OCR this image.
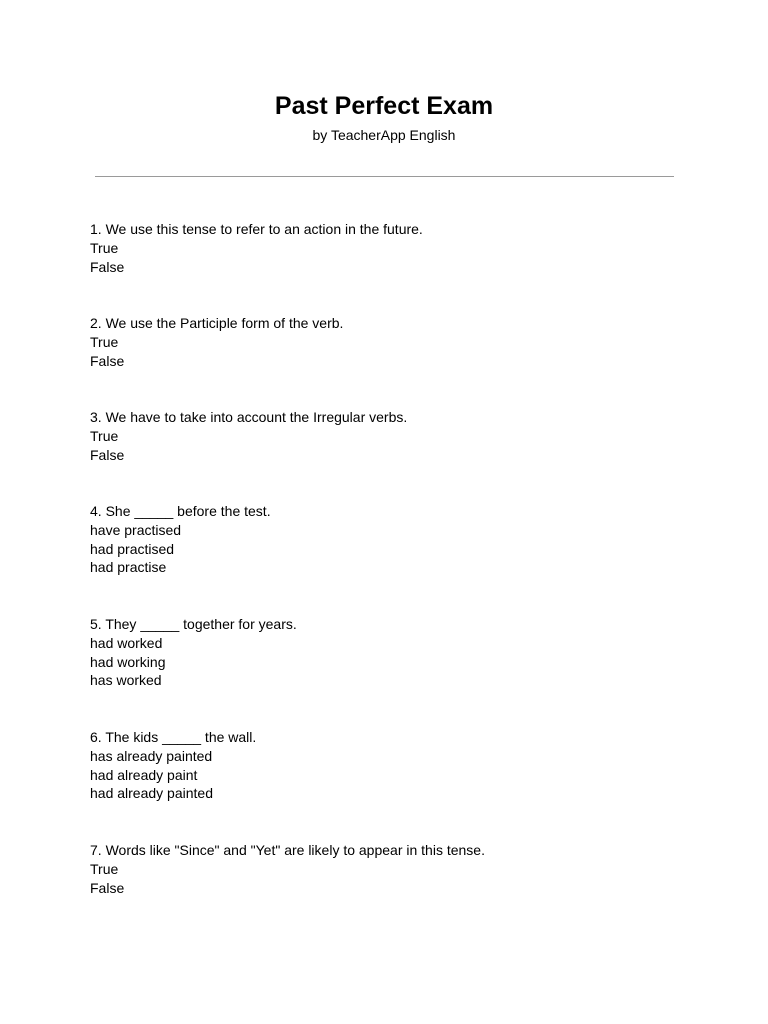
Past Perfect Exam
by TeacherApp English
1. We use this tense to refer to an action in the future.
True
False
2. We use the Participle form of the verb.
True
False
3. We have to take into account the Irregular verbs.
True
False
4. She _____ before the test.
have practised
had practised
had practise
5. They _____ together for years.
had worked
had working
has worked
6. The kids _____ the wall.
has already painted
had already paint
had already painted
7. Words like "Since" and "Yet" are likely to appear in this tense.
True
False
